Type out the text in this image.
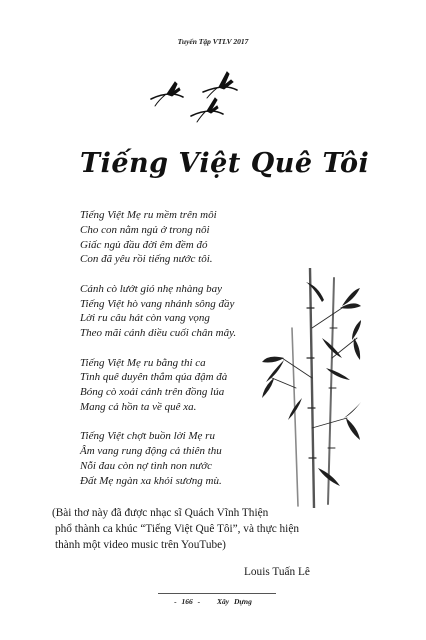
Tuyển Tập VTLV 2017
Tiếng Việt Quê Tôi
Tiếng Việt Mẹ ru mềm trên môi
Cho con nằm ngủ ở trong nôi
Giấc ngủ đầu đời êm đềm đó
Con đã yêu rồi tiếng nước tôi.
Cánh cò lướt gió nhẹ nhàng bay
Tiếng Việt hò vang nhánh sông đầy
Lời ru câu hát còn vang vọng
Theo mãi cánh diều cuối chân mây.
Tiếng Việt Mẹ ru bằng thi ca
Tình quê duyên thắm qúa đậm đà
Bóng cò xoải cánh trên đồng lúa
Mang cả hồn ta về quê xa.
Tiếng Việt chợt buồn lời Mẹ ru
Âm vang rung động cả thiên thu
Nỗi đau còn nợ tình non nước
Đất Mẹ ngàn xa khỏi sương mù.
(Bài thơ này đã được nhạc sĩ Quách Vĩnh Thiện
phổ thành ca khúc “Tiếng Việt Quê Tôi”, và thực hiện
thành một video music trên YouTube)
Louis Tuấn Lê
- 166 - Xây Dựng
